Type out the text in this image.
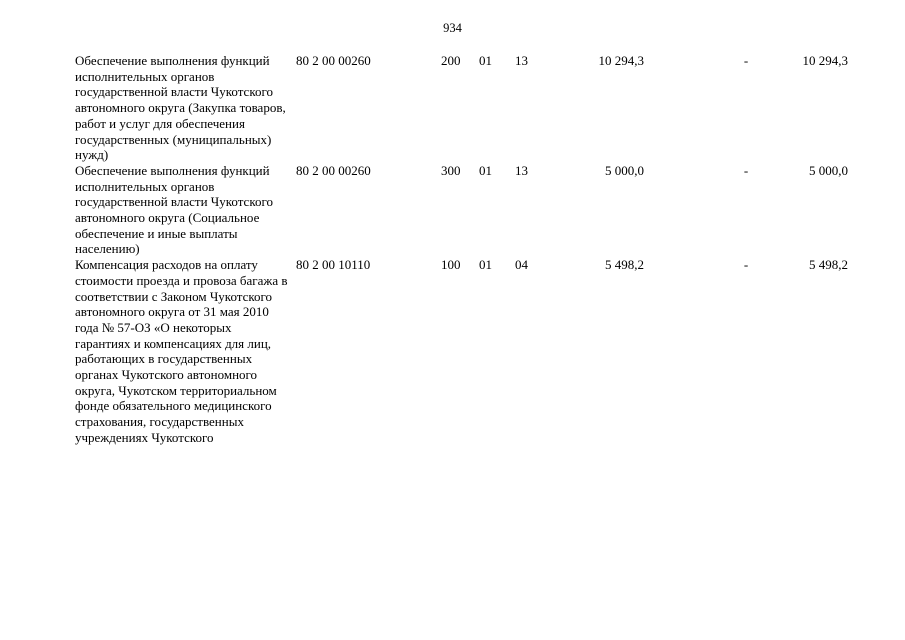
934
Обеспечение выполнения функций исполнительных органов государственной власти Чукотского автономного округа (Закупка товаров, работ и услуг для обеспечения государственных (муниципальных) нужд)
80 2 00 00260	200 01 13	10 294,3	-	10 294,3
Обеспечение выполнения функций исполнительных органов государственной власти Чукотского автономного округа (Социальное обеспечение и иные выплаты населению)
80 2 00 00260	300 01 13	5 000,0	-	5 000,0
Компенсация расходов на оплату стоимости проезда и провоза багажа в соответствии с Законом Чукотского автономного округа от 31 мая 2010 года № 57-ОЗ «О некоторых гарантиях и компенсациях для лиц, работающих в государственных органах Чукотского автономного округа, Чукотском территориальном фонде обязательного медицинского страхования, государственных учреждениях Чукотского
80 2 00 10110	100 01 04	5 498,2	-	5 498,2
